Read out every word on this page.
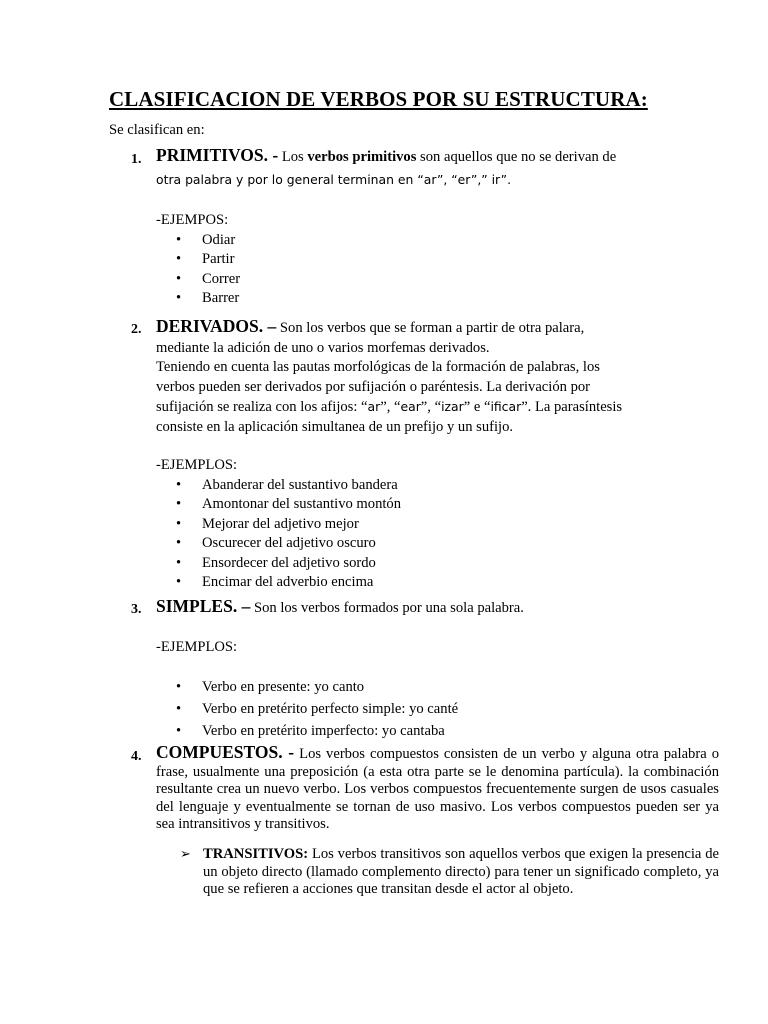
CLASIFICACION DE VERBOS POR SU ESTRUCTURA:
Se clasifican en:
1. PRIMITIVOS. - Los verbos primitivos son aquellos que no se derivan de
otra palabra y por lo general terminan en “ar”, “er”,” ir”.
-EJEMPOS:
• Odiar
• Partir
• Correr
• Barrer
2. DERIVADOS. – Son los verbos que se forman a partir de otra palara,
mediante la adición de uno o varios morfemas derivados.
Teniendo en cuenta las pautas morfológicas de la formación de palabras, los
verbos pueden ser derivados por sufijación o paréntesis. La derivación por
sufijación se realiza con los afijos: “ar”, “ear”, “izar” e “ificar”. La parasíntesis
consiste en la aplicación simultanea de un prefijo y un sufijo.
-EJEMPLOS:
• Abanderar del sustantivo bandera
• Amontonar del sustantivo montón
• Mejorar del adjetivo mejor
• Oscurecer del adjetivo oscuro
• Ensordecer del adjetivo sordo
• Encimar del adverbio encima
3. SIMPLES. – Son los verbos formados por una sola palabra.
-EJEMPLOS:
• Verbo en presente: yo canto
• Verbo en pretérito perfecto simple: yo canté
• Verbo en pretérito imperfecto: yo cantaba
4. COMPUESTOS. - Los verbos compuestos consisten de un verbo y alguna otra palabra o frase, usualmente una preposición (a esta otra parte se le denomina partícula). la combinación resultante crea un nuevo verbo. Los verbos compuestos frecuentemente surgen de usos casuales del lenguaje y eventualmente se tornan de uso masivo. Los verbos compuestos pueden ser ya sea intransitivos y transitivos.
➢ TRANSITIVOS: Los verbos transitivos son aquellos verbos que exigen la presencia de un objeto directo (llamado complemento directo) para tener un significado completo, ya que se refieren a acciones que transitan desde el actor al objeto.
